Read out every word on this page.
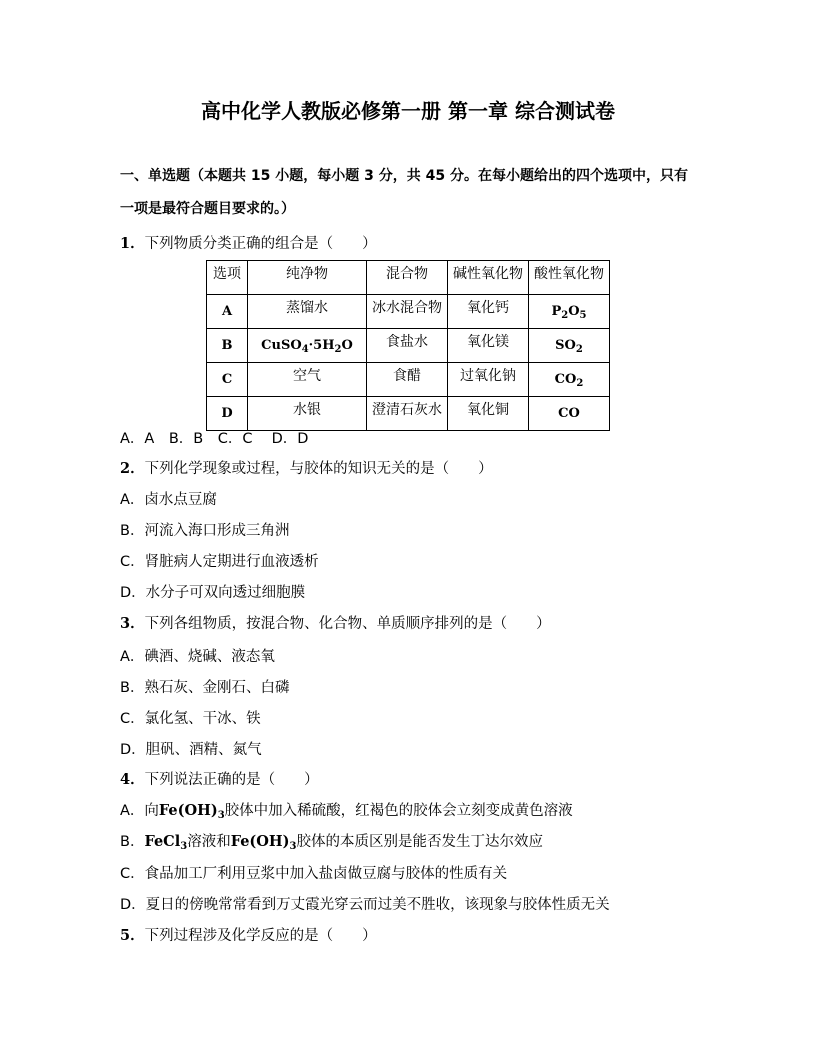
高中化学人教版必修第一册 第一章 综合测试卷
一、单选题（本题共 15 小题，每小题 3 分，共 45 分。在每小题给出的四个选项中，只有一项是最符合题目要求的。）
1．下列物质分类正确的组合是（　　）
选项	纯净物	混合物	碱性氧化物	酸性氧化物
A	蒸馏水	冰水混合物	氧化钙	$P_2O_5$
B	$CuSO_4\cdot 5H_2O$	食盐水	氧化镁	$SO_2$
C	空气	食醋	过氧化钠	$CO_2$
D	水银	澄清石灰水	氧化铜	CO
A．A　B．B　C．C　 D．D
2．下列化学现象或过程，与胶体的知识无关的是（　　）
A．卤水点豆腐
B．河流入海口形成三角洲
C．肾脏病人定期进行血液透析
D．水分子可双向透过细胞膜
3．下列各组物质，按混合物、化合物、单质顺序排列的是（　　）
A．碘酒、烧碱、液态氧
B．熟石灰、金刚石、白磷
C．氯化氢、干冰、铁
D．胆矾、酒精、氮气
4．下列说法正确的是（　　）
A．向$Fe(OH)_3$胶体中加入稀硫酸，红褐色的胶体会立刻变成黄色溶液
B．FeCl$_3$溶液和$Fe(OH)_3$胶体的本质区别是能否发生丁达尔效应
C．食品加工厂利用豆浆中加入盐卤做豆腐与胶体的性质有关
D．夏日的傍晚常常看到万丈霞光穿云而过美不胜收，该现象与胶体性质无关
5．下列过程涉及化学反应的是（　　）
